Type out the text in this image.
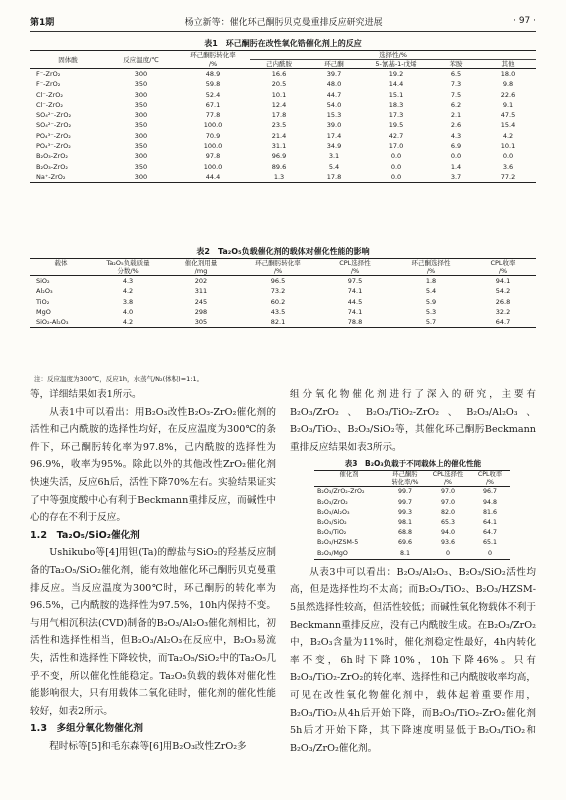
第1期	杨立新等：催化环己酮肟贝克曼重排反应研究进展	· 97 ·
表1　环己酮肟在改性氧化锆催化剂上的反应
固体酸	反应温度/℃	环己酮肟转化率	选择性/%				
		/%	己内酰胺	环己酮	5-氰基-1-戊烯	苯胺	其他
F⁻-ZrO₂	300	48.9	16.6	39.7	19.2	6.5	18.0
F⁻-ZrO₂	350	59.8	20.5	48.0	14.4	7.3	9.8
Cl⁻-ZrO₂	300	52.4	10.1	44.7	15.1	7.5	22.6
Cl⁻-ZrO₂	350	67.1	12.4	54.0	18.3	6.2	9.1
SO₄²⁻-ZrO₂	300	77.8	17.8	15.3	17.3	2.1	47.5
SO₄²⁻-ZrO₂	350	100.0	23.5	39.0	19.5	2.6	15.4
PO₄³⁻-ZrO₂	300	70.9	21.4	17.4	42.7	4.3	4.2
PO₄³⁻-ZrO₂	350	100.0	31.1	34.9	17.0	6.9	10.1
B₂O₃-ZrO₂	300	97.8	96.9	3.1	0.0	0.0	0.0
B₂O₃-ZrO₂	350	100.0	89.6	5.4	0.0	1.4	3.6
Na⁺-ZrO₂	300	44.4	1.3	17.8	0.0	3.7	77.2
表2　Ta₂O₅负载催化剂的载体对催化性能的影响
载体	Ta₂O₅负载质量	催化剂用量	环己酮肟转化率	CPL选择性	环己酮选择性	CPL收率
	分数/%	/mg	/%	/%	/%	/%
SiO₂	4.3	202	96.5	97.5	1.8	94.1
Al₂O₃	4.2	311	73.2	74.1	5.4	54.2
TiO₂	3.8	245	60.2	44.5	5.9	26.8
MgO	4.0	298	43.5	74.1	5.3	32.2
SiO₂-Al₂O₃	4.2	305	82.1	78.8	5.7	64.7
注：反应温度为300℃，反应1h，水蒸气/N₂(体积)=1:1。

等，详细结果如表1所示。

从表1中可以看出：用B₂O₃改性B₂O₃-ZrO₂催化剂的活性和己内酰胺的选择性均好，在反应温度为300℃的条件下，环己酮肟转化率为97.8%，己内酰胺的选择性为96.9%，收率为95%。除此以外的其他改性ZrO₂催化剂快速失活，反应6h后，活性下降70%左右。实验结果证实了中等强度酸中心有利于Beckmann重排反应，而碱性中心的存在不利于反应。

1.2　Ta₂O₅/SiO₂催化剂

Ushikubo等[4]用钽(Ta)的醇盐与SiO₂的羟基反应制备的Ta₂O₅/SiO₂催化剂，能有效地催化环己酮肟贝克曼重排反应。当反应温度为300℃时，环己酮肟的转化率为96.5%，己内酰胺的选择性为97.5%，10h内保持不变。与用气相沉积法(CVD)制备的B₂O₃/Al₂O₃催化剂相比，初活性和选择性相当，但B₂O₃/Al₂O₃在反应中，B₂O₃易流失，活性和选择性下降较快，而Ta₂O₅/SiO₂中的Ta₂O₅几乎不变，所以催化性能稳定。Ta₂O₅负载的载体对催化性能影响很大，只有用载体二氧化硅时，催化剂的催化性能较好，如表2所示。

1.3　多组分氧化物催化剂

程时标等[5]和毛东森等[6]用B₂O₃改性ZrO₂多

组分氧化物催化剂进行了深入的研究，主要有B₂O₃/ZrO₂、B₂O₃/TiO₂-ZrO₂、B₂O₃/Al₂O₃、B₂O₃/TiO₂、B₂O₃/SiO₂等，其催化环己酮肟Beckmann重排反应结果如表3所示。

表3　B₂O₃负载于不同载体上的催化性能
催化剂	环己酮肟	CPL选择性	CPL收率
	转化率/%	/%	/%
B₂O₃/ZrO₂-ZrO₂	99.7	97.0	96.7
B₂O₃/ZrO₂	99.7	97.0	94.8
B₂O₃/Al₂O₃	99.3	82.0	81.6
B₂O₃/SiO₂	98.1	65.3	64.1
B₂O₃/TiO₂	68.8	94.0	64.7
B₂O₃/HZSM-5	69.6	93.6	65.1
B₂O₃/MgO	8.1	0	0

从表3中可以看出：B₂O₃/Al₂O₃、B₂O₃/SiO₂活性均高，但是选择性均不太高；而B₂O₃/TiO₂、B₂O₃/HZSM-5虽然选择性较高，但活性较低；而碱性氧化物载体不利于Beckmann重排反应，没有己内酰胺生成。在B₂O₃/ZrO₂中，B₂O₃含量为11%时，催化剂稳定性最好，4h内转化率不变，6h时下降10%，10h下降46%。只有B₂O₃/TiO₂-ZrO₂的转化率、选择性和己内酰胺收率均高，可见在改性氧化物催化剂中，载体起着重要作用，B₂O₃/TiO₂从4h后开始下降，而B₂O₃/TiO₂-ZrO₂催化剂5h后才开始下降，其下降速度明显低于B₂O₃/TiO₂和B₂O₃/ZrO₂催化剂。
